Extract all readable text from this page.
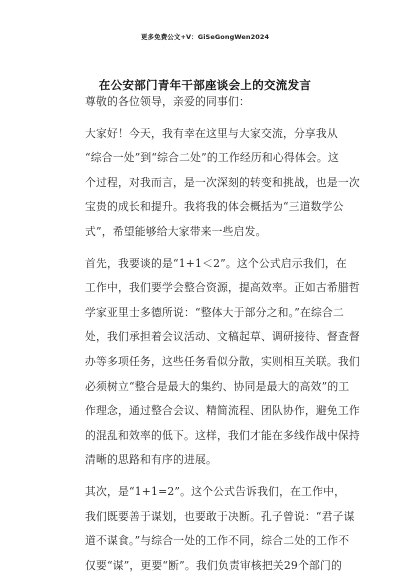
更多免费公文+V：GiSeGongWen2024
在公安部门青年干部座谈会上的交流发言
尊敬的各位领导，亲爱的同事们：
大家好！今天，我有幸在这里与大家交流，分享我从
“综合一处”到“综合二处”的工作经历和心得体会。这
个过程，对我而言，是一次深刻的转变和挑战，也是一次
宝贵的成长和提升。我将我的体会概括为“三道数学公
式”，希望能够给大家带来一些启发。
首先，我要谈的是“1+1＜2”。这个公式启示我们，在
工作中，我们要学会整合资源，提高效率。正如古希腊哲
学家亚里士多德所说：“整体大于部分之和。”在综合二
处，我们承担着会议活动、文稿起草、调研接待、督查督
办等多项任务，这些任务看似分散，实则相互关联。我们
必须树立“整合是最大的集约、协同是最大的高效”的工
作理念，通过整合会议、精简流程、团队协作，避免工作
的混乱和效率的低下。这样，我们才能在多线作战中保持
清晰的思路和有序的进展。
其次，是“1+1=2”。这个公式告诉我们，在工作中，
我们既要善于谋划，也要敢于决断。孔子曾说：“君子谋
道不谋食。”与综合一处的工作不同，综合二处的工作不
仅要“谋”，更要“断”。我们负责审核把关29个部门的
